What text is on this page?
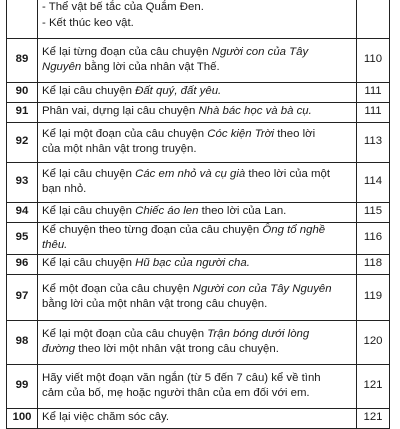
	- Thể vật bế tắc của Quắm Đen.
- Kết thúc keo vật.	

89	Kể lại từng đoạn của câu chuyện Người con của Tây
Nguyên bằng lời của nhân vật Thế.	110
90	Kể lại câu chuyện Đất quý, đất yêu.	111
91	Phân vai, dựng lại câu chuyện Nhà bác học và bà cụ.	111
92	Kể lại một đoạn của câu chuyện Cóc kiện Trời theo lời
của một nhân vật trong truyện.	113
93	Kể lại câu chuyện Các em nhỏ và cụ già theo lời của một
bạn nhỏ.	114
94	Kể lại câu chuyện Chiếc áo len theo lời của Lan.	115
95	Kể chuyện theo từng đoạn của câu chuyện Ông tổ nghề thêu.	116
96	Kể lại câu chuyện Hũ bạc của người cha.	118
97	Kể một đoạn của câu chuyện Người con của Tây Nguyên
bằng lời của một nhân vật trong câu chuyện.	119
98	Kể lại một đoạn của câu chuyện Trận bóng dưới lòng
đường theo lời một nhân vật trong câu chuyện.	120
99	Hãy viết một đoạn văn ngắn (từ 5 đến 7 câu) kể về tình
cảm của bố, mẹ hoặc người thân của em đối với em.	121
100	Kể lại việc chăm sóc cây.	121
